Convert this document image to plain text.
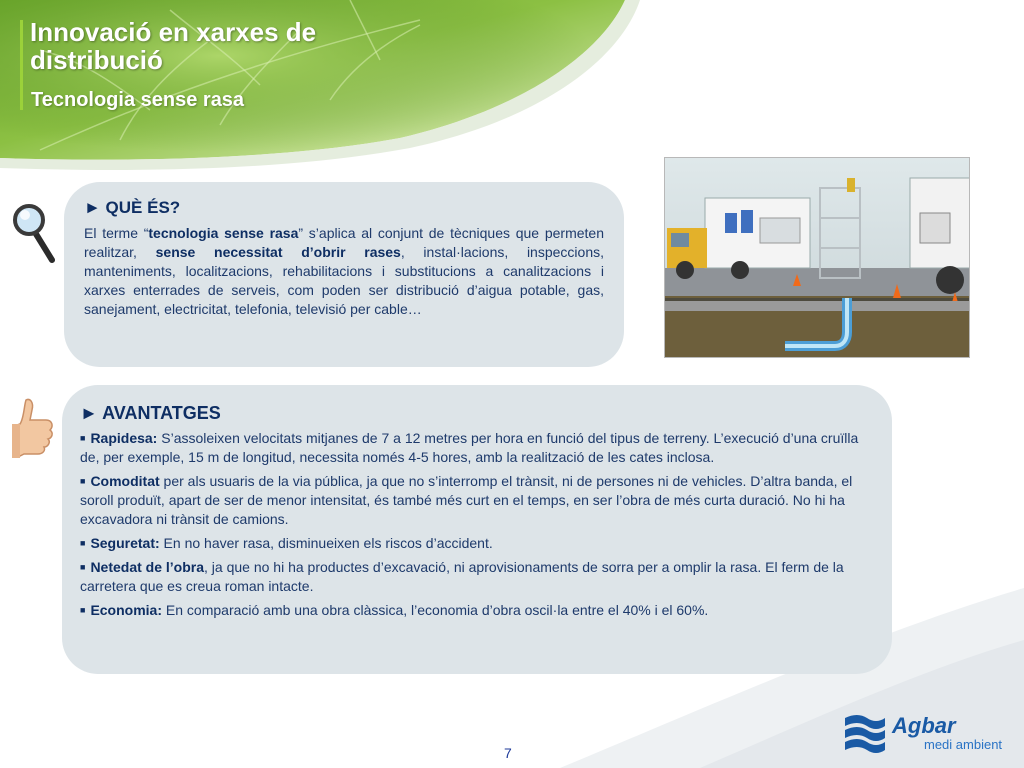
Innovació en xarxes de distribució
Tecnologia sense rasa
► QUÈ ÉS?

El terme “tecnologia sense rasa” s’aplica al conjunt de tècniques que permeten realitzar, sense necessitat d’obrir rases, instal·lacions, inspeccions, manteniments, localitzacions, rehabilitacions i substitucions a canalitzacions i xarxes enterrades de serveis, com poden ser distribució d’aigua potable, gas, sanejament, electricitat, telefonia, televisió per cable…

► AVANTATGES

■ Rapidesa: S’assoleixen velocitats mitjanes de 7 a 12 metres per hora en funció del tipus de terreny. L’execució d’una cruïlla de, per exemple, 15 m de longitud, necessita només 4-5 hores, amb la realització de les cates inclosa.

■ Comoditat per als usuaris de la via pública, ja que no s’interromp el trànsit, ni de persones ni de vehicles. D’altra banda, el soroll produït, apart de ser de menor intensitat, és també més curt en el temps, en ser l’obra de més curta duració. No hi ha excavadora ni trànsit de camions.

■ Seguretat: En no haver rasa, disminueixen els riscos d’accident.

■ Netedat de l’obra, ja que no hi ha productes d’excavació, ni aprovisionaments de sorra per a omplir la rasa. El ferm de la carretera que es creua roman intacte.

■ Economia: En comparació amb una obra clàssica, l’economia d’obra oscil·la entre el 40% i el 60%.

Agbar
medi ambient
7
